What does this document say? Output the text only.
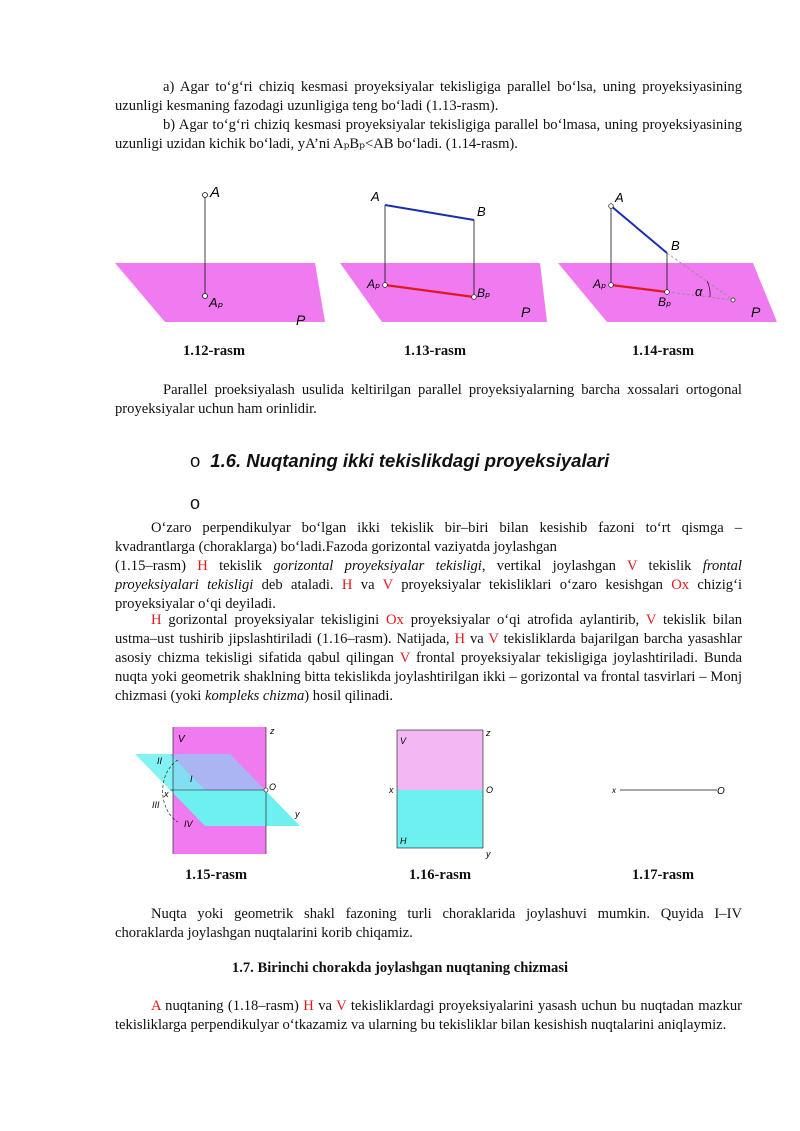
a) Agar to‘g‘ri chiziq kesmasi proyeksiyalar tekisligiga parallel bo‘lsa, uning proyeksiyasining uzunligi kesmaning fazodagi uzunligiga teng bo‘ladi (1.13-rasm).

b) Agar to‘g‘ri chiziq kesmasi proyeksiyalar tekisligiga parallel bo‘lmasa, uning proyeksiyasining uzunligi uzidan kichik bo‘ladi, yA’ni AₚBₚ<AB bo‘ladi. (1.14-rasm).

A
Aₚ
P
1.12-rasm
A
B
Aₚ
Bₚ
P
1.13-rasm
A
B
Aₚ
Bₚ
α
P
1.14-rasm

Parallel proeksiyalash usulida keltirilgan parallel proyeksiyalarning barcha xossalari ortogonal proyeksiyalar uchun ham orinlidir.

o 1.6. Nuqtaning ikki tekislikdagi proyeksiyalari
o

O‘zaro perpendikulyar bo‘lgan ikki tekislik bir–biri bilan kesishib fazoni to‘rt qismga – kvadrantlarga (choraklarga) bo‘ladi.Fazoda gorizontal vaziyatda joylashgan
(1.15–rasm) H tekislik gorizontal proyeksiyalar tekisligi, vertikal joylashgan V tekislik frontal proyeksiyalari tekisligi deb ataladi. H va V proyeksiyalar tekisliklari o‘zaro kesishgan Ox chizig‘i proyeksiyalar o‘qi deyiladi.

H gorizontal proyeksiyalar tekisligini Ox proyeksiyalar o‘qi atrofida aylantirib, V tekislik bilan ustma–ust tushirib jipslashtiriladi (1.16–rasm). Natijada, H va V tekisliklarda bajarilgan barcha yasashlar asosiy chizma tekisligi sifatida qabul qilingan V frontal proyeksiyalar tekisligiga joylashtiriladi. Bunda nuqta yoki geometrik shaklning bitta tekislikda joylashtirilgan ikki – gorizontal va frontal tasvirlari – Monj chizmasi (yoki kompleks chizma) hosil qilinadi.

V
z
II
I
x
O
III
IV
y
1.15-rasm
V
z
x	O
H
y
1.16-rasm
x	O
1.17-rasm

Nuqta yoki geometrik shakl fazoning turli choraklarida joylashuvi mumkin. Quyida I–IV choraklarda joylashgan nuqtalarini korib chiqamiz.

1.7. Birinchi chorakda joylashgan nuqtaning chizmasi

A nuqtaning (1.18–rasm) H va V tekisliklardagi proyeksiyalarini yasash uchun bu nuqtadan mazkur tekisliklarga perpendikulyar o‘tkazamiz va ularning bu tekisliklar bilan kesishish nuqtalarini aniqlaymiz.
